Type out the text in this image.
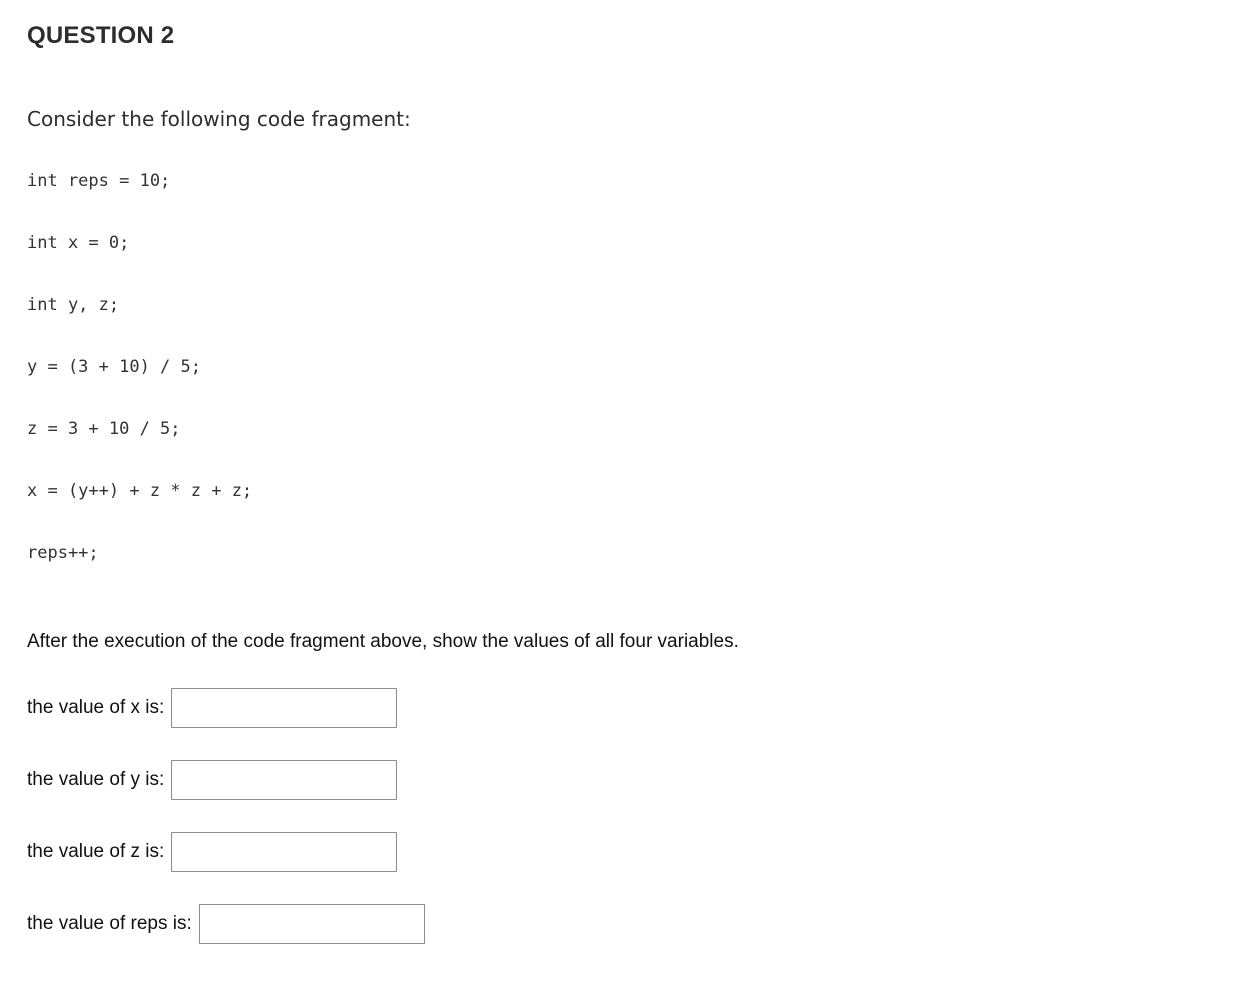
QUESTION 2

Consider the following code fragment:

int reps = 10;

int x = 0;

int y, z;

y = (3 + 10) / 5;

z = 3 + 10 / 5;

x = (y++) + z * z + z;

reps++;

After the execution of the code fragment above, show the values of all four variables.

the value of x is:
the value of y is:
the value of z is:
the value of reps is:
